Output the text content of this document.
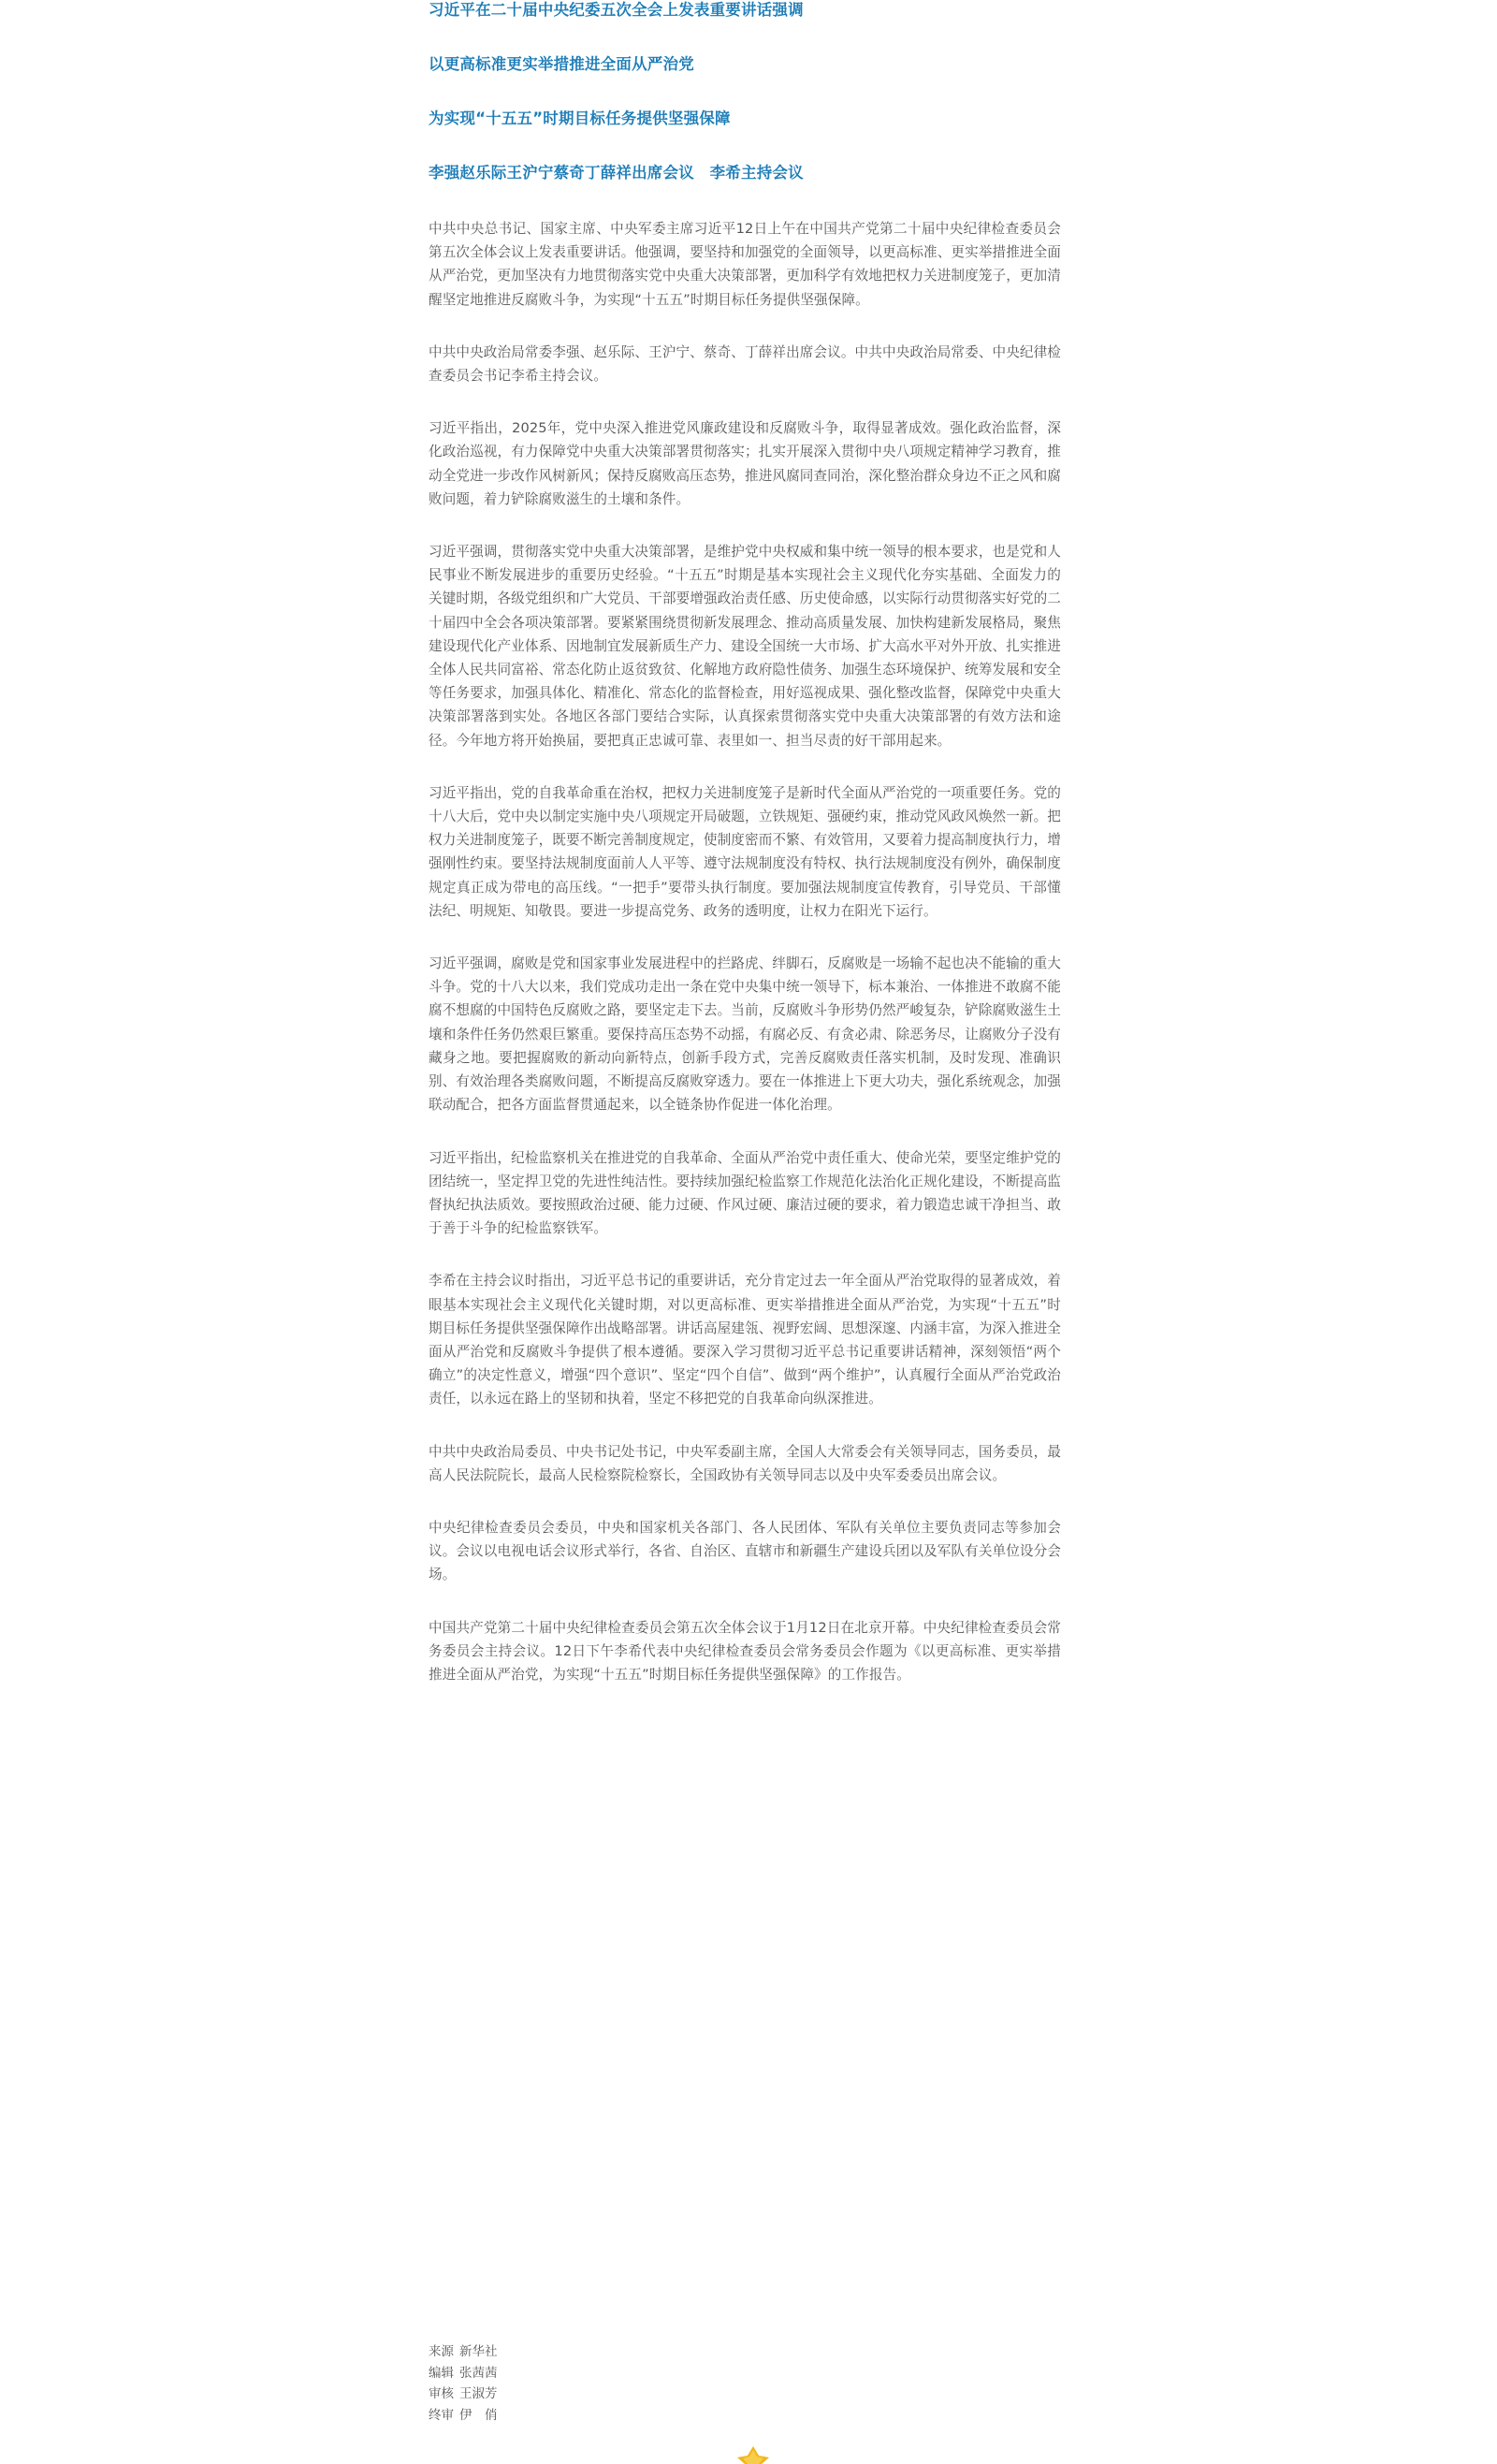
习近平在二十届中央纪委五次全会上发表重要讲话强调
以更高标准更实举措推进全面从严治党
为实现“十五五”时期目标任务提供坚强保障
李强赵乐际王沪宁蔡奇丁薛祥出席会议　李希主持会议

中共中央总书记、国家主席、中央军委主席习近平12日上午在中国共产党第二十届中央纪律检查委员会第五次全体会议上发表重要讲话。他强调，要坚持和加强党的全面领导，以更高标准、更实举措推进全面从严治党，更加坚决有力地贯彻落实党中央重大决策部署，更加科学有效地把权力关进制度笼子，更加清醒坚定地推进反腐败斗争，为实现“十五五”时期目标任务提供坚强保障。

中共中央政治局常委李强、赵乐际、王沪宁、蔡奇、丁薛祥出席会议。中共中央政治局常委、中央纪律检查委员会书记李希主持会议。

习近平指出，2025年，党中央深入推进党风廉政建设和反腐败斗争，取得显著成效。强化政治监督，深化政治巡视，有力保障党中央重大决策部署贯彻落实；扎实开展深入贯彻中央八项规定精神学习教育，推动全党进一步改作风树新风；保持反腐败高压态势，推进风腐同查同治，深化整治群众身边不正之风和腐败问题，着力铲除腐败滋生的土壤和条件。

习近平强调，贯彻落实党中央重大决策部署，是维护党中央权威和集中统一领导的根本要求，也是党和人民事业不断发展进步的重要历史经验。“十五五”时期是基本实现社会主义现代化夯实基础、全面发力的关键时期，各级党组织和广大党员、干部要增强政治责任感、历史使命感，以实际行动贯彻落实好党的二十届四中全会各项决策部署。要紧紧围绕贯彻新发展理念、推动高质量发展、加快构建新发展格局，聚焦建设现代化产业体系、因地制宜发展新质生产力、建设全国统一大市场、扩大高水平对外开放、扎实推进全体人民共同富裕、常态化防止返贫致贫、化解地方政府隐性债务、加强生态环境保护、统筹发展和安全等任务要求，加强具体化、精准化、常态化的监督检查，用好巡视成果、强化整改监督，保障党中央重大决策部署落到实处。各地区各部门要结合实际，认真探索贯彻落实党中央重大决策部署的有效方法和途径。今年地方将开始换届，要把真正忠诚可靠、表里如一、担当尽责的好干部用起来。

习近平指出，党的自我革命重在治权，把权力关进制度笼子是新时代全面从严治党的一项重要任务。党的十八大后，党中央以制定实施中央八项规定开局破题，立铁规矩、强硬约束，推动党风政风焕然一新。把权力关进制度笼子，既要不断完善制度规定，使制度密而不繁、有效管用，又要着力提高制度执行力，增强刚性约束。要坚持法规制度面前人人平等、遵守法规制度没有特权、执行法规制度没有例外，确保制度规定真正成为带电的高压线。“一把手”要带头执行制度。要加强法规制度宣传教育，引导党员、干部懂法纪、明规矩、知敬畏。要进一步提高党务、政务的透明度，让权力在阳光下运行。

习近平强调，腐败是党和国家事业发展进程中的拦路虎、绊脚石，反腐败是一场输不起也决不能输的重大斗争。党的十八大以来，我们党成功走出一条在党中央集中统一领导下，标本兼治、一体推进不敢腐不能腐不想腐的中国特色反腐败之路，要坚定走下去。当前，反腐败斗争形势仍然严峻复杂，铲除腐败滋生土壤和条件任务仍然艰巨繁重。要保持高压态势不动摇，有腐必反、有贪必肃、除恶务尽，让腐败分子没有藏身之地。要把握腐败的新动向新特点，创新手段方式，完善反腐败责任落实机制，及时发现、准确识别、有效治理各类腐败问题，不断提高反腐败穿透力。要在一体推进上下更大功夫，强化系统观念，加强联动配合，把各方面监督贯通起来，以全链条协作促进一体化治理。

习近平指出，纪检监察机关在推进党的自我革命、全面从严治党中责任重大、使命光荣，要坚定维护党的团结统一，坚定捍卫党的先进性纯洁性。要持续加强纪检监察工作规范化法治化正规化建设，不断提高监督执纪执法质效。要按照政治过硬、能力过硬、作风过硬、廉洁过硬的要求，着力锻造忠诚干净担当、敢于善于斗争的纪检监察铁军。

李希在主持会议时指出，习近平总书记的重要讲话，充分肯定过去一年全面从严治党取得的显著成效，着眼基本实现社会主义现代化关键时期，对以更高标准、更实举措推进全面从严治党，为实现“十五五”时期目标任务提供坚强保障作出战略部署。讲话高屋建瓴、视野宏阔、思想深邃、内涵丰富，为深入推进全面从严治党和反腐败斗争提供了根本遵循。要深入学习贯彻习近平总书记重要讲话精神，深刻领悟“两个确立”的决定性意义，增强“四个意识”、坚定“四个自信”、做到“两个维护”，认真履行全面从严治党政治责任，以永远在路上的坚韧和执着，坚定不移把党的自我革命向纵深推进。

中共中央政治局委员、中央书记处书记，中央军委副主席，全国人大常委会有关领导同志，国务委员，最高人民法院院长，最高人民检察院检察长，全国政协有关领导同志以及中央军委委员出席会议。

中央纪律检查委员会委员，中央和国家机关各部门、各人民团体、军队有关单位主要负责同志等参加会议。会议以电视电话会议形式举行，各省、自治区、直辖市和新疆生产建设兵团以及军队有关单位设分会场。

中国共产党第二十届中央纪律检查委员会第五次全体会议于1月12日在北京开幕。中央纪律检查委员会常务委员会主持会议。12日下午李希代表中央纪律检查委员会常务委员会作题为《以更高标准、更实举措推进全面从严治党，为实现“十五五”时期目标任务提供坚强保障》的工作报告。

来源 新华社
编辑 张茜茜
审核 王淑芳
终审 伊　俏
